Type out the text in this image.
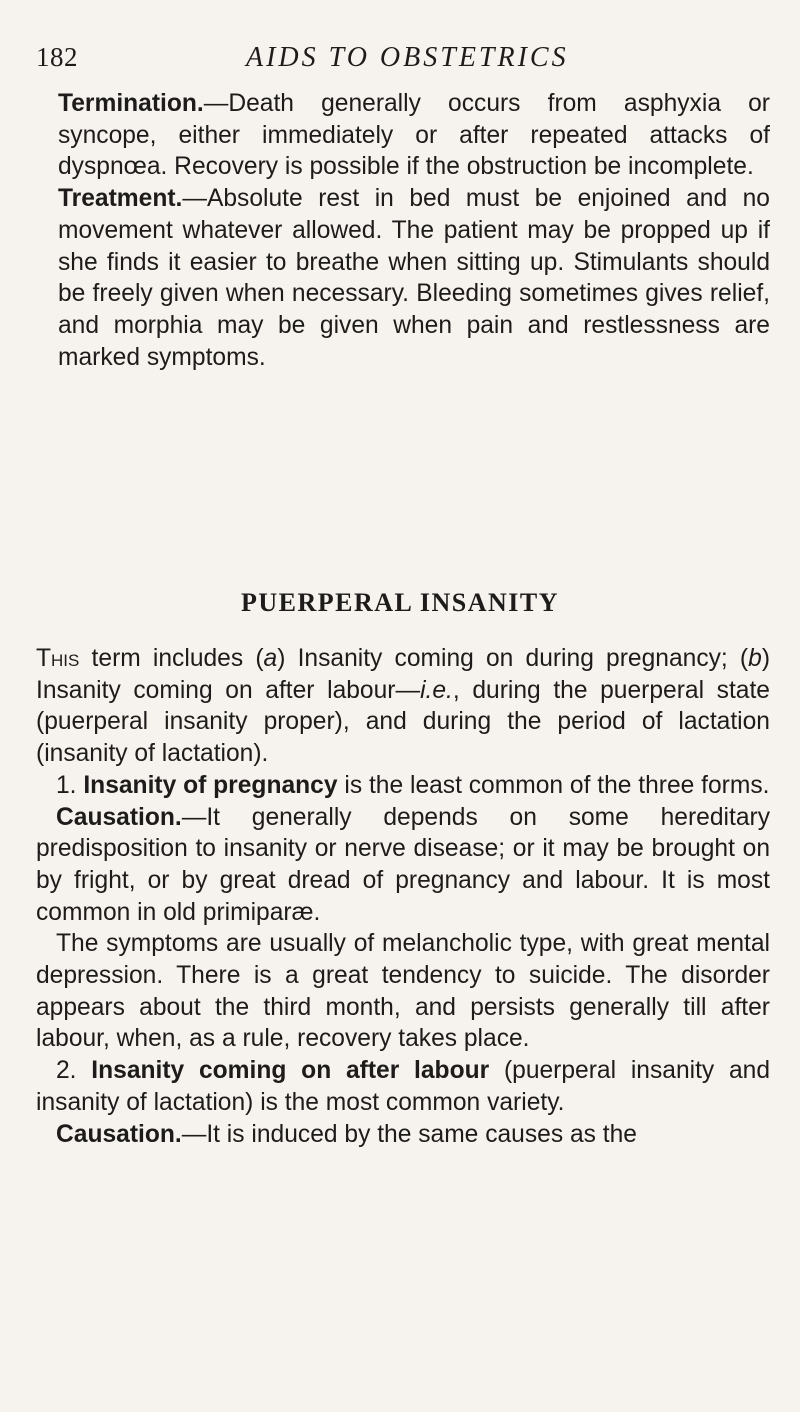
182	AIDS TO OBSTETRICS

Termination.—Death generally occurs from asphyxia or syncope, either immediately or after repeated attacks of dyspnœa. Recovery is possible if the obstruction be incomplete.

Treatment.—Absolute rest in bed must be enjoined and no movement whatever allowed. The patient may be propped up if she finds it easier to breathe when sitting up. Stimulants should be freely given when necessary. Bleeding sometimes gives relief, and morphia may be given when pain and restlessness are marked symptoms.

PUERPERAL INSANITY

This term includes (a) Insanity coming on during pregnancy; (b) Insanity coming on after labour—i.e., during the puerperal state (puerperal insanity proper), and during the period of lactation (insanity of lactation).

1. Insanity of pregnancy is the least common of the three forms.

Causation.—It generally depends on some hereditary predisposition to insanity or nerve disease; or it may be brought on by fright, or by great dread of pregnancy and labour. It is most common in old primiparæ.

The symptoms are usually of melancholic type, with great mental depression. There is a great tendency to suicide. The disorder appears about the third month, and persists generally till after labour, when, as a rule, recovery takes place.

2. Insanity coming on after labour (puerperal insanity and insanity of lactation) is the most common variety.

Causation.—It is induced by the same causes as the
